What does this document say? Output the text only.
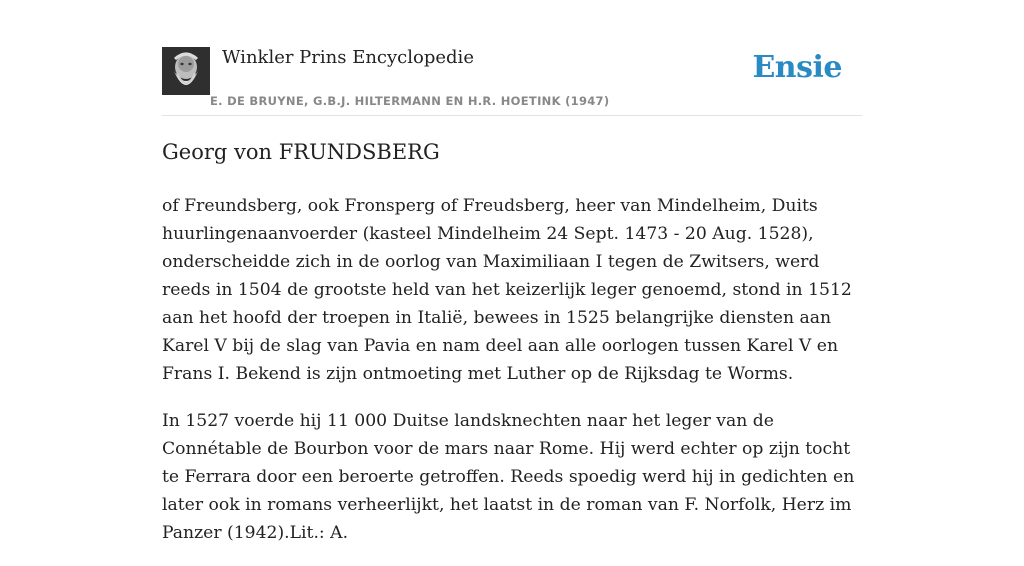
Winkler Prins Encyclopedie
E. DE BRUYNE, G.B.J. HILTERMANN EN H.R. HOETINK (1947)
Ensie
Georg von FRUNDSBERG

of Freundsberg, ook Fronsperg of Freudsberg, heer van Mindelheim, Duits huurlingenaanvoerder (kasteel Mindelheim 24 Sept. 1473 - 20 Aug. 1528), onderscheidde zich in de oorlog van Maximiliaan I tegen de Zwitsers, werd reeds in 1504 de grootste held van het keizerlijk leger genoemd, stond in 1512 aan het hoofd der troepen in Italië, bewees in 1525 belangrijke diensten aan Karel V bij de slag van Pavia en nam deel aan alle oorlogen tussen Karel V en Frans I. Bekend is zijn ontmoeting met Luther op de Rijksdag te Worms.

In 1527 voerde hij 11 000 Duitse landsknechten naar het leger van de Connétable de Bourbon voor de mars naar Rome. Hij werd echter op zijn tocht te Ferrara door een beroerte getroffen. Reeds spoedig werd hij in gedichten en later ook in romans verheerlijkt, het laatst in de roman van F. Norfolk, Herz im Panzer (1942).Lit.: A.
